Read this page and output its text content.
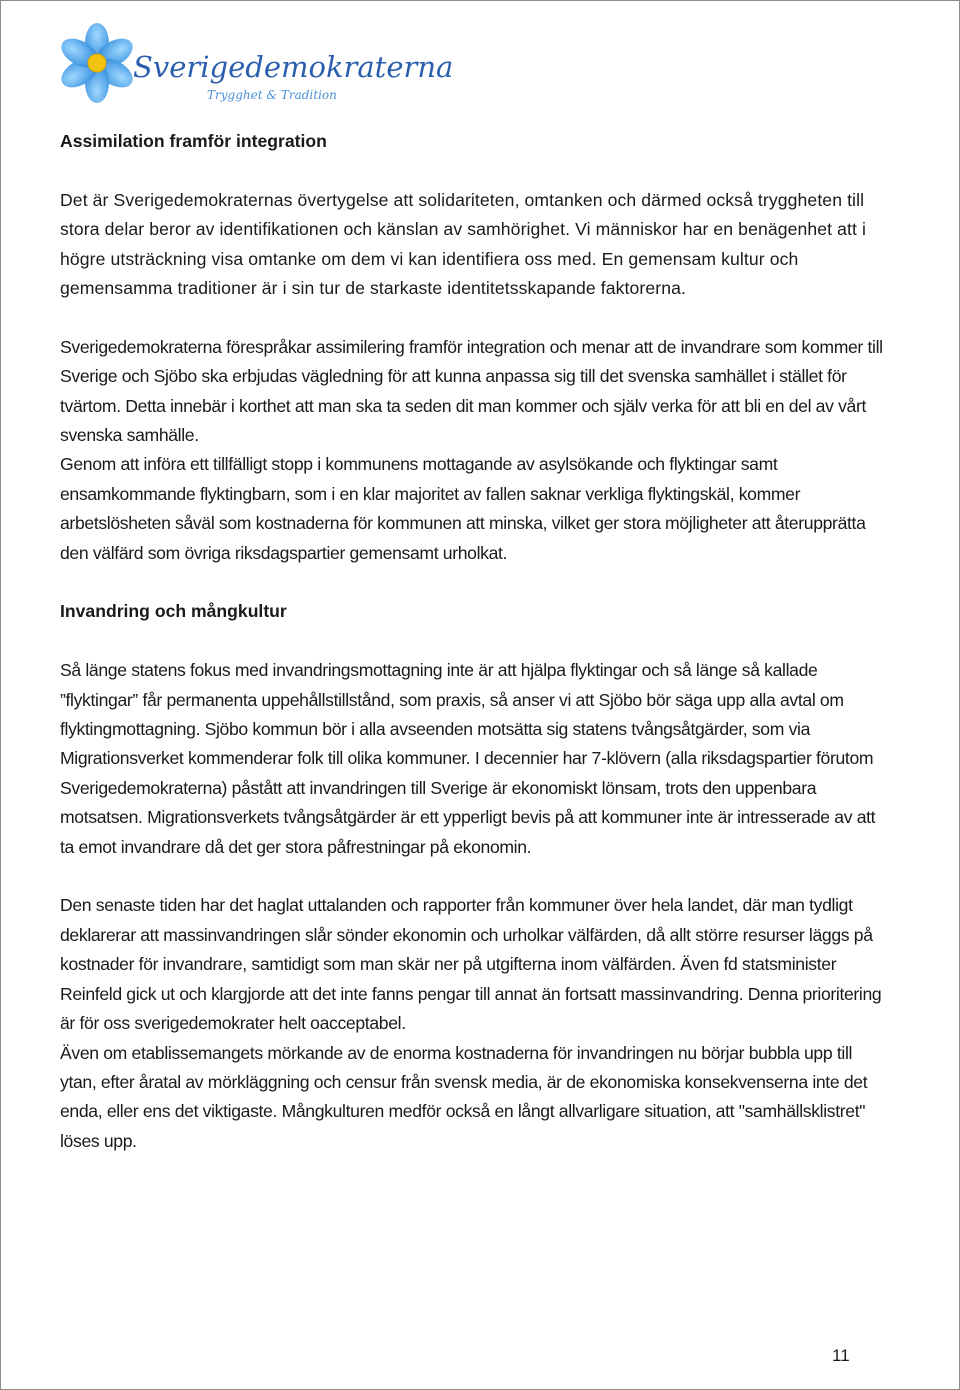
Sverigedemokraterna
Trygghet & Tradition
Assimilation framför integration

Det är Sverigedemokraternas övertygelse att solidariteten, omtanken och därmed också tryggheten till stora delar beror av identifikationen och känslan av samhörighet. Vi människor har en benägenhet att i högre utsträckning visa omtanke om dem vi kan identifiera oss med. En gemensam kultur och gemensamma traditioner är i sin tur de starkaste identitetsskapande faktorerna.

Sverigedemokraterna förespråkar assimilering framför integration och menar att de invandrare som kommer till Sverige och Sjöbo ska erbjudas vägledning för att kunna anpassa sig till det svenska samhället i stället för tvärtom. Detta innebär i korthet att man ska ta seden dit man kommer och själv verka för att bli en del av vårt svenska samhälle.

Genom att införa ett tillfälligt stopp i kommunens mottagande av asylsökande och flyktingar samt ensamkommande flyktingbarn, som i en klar majoritet av fallen saknar verkliga flyktingskäl, kommer arbetslösheten såväl som kostnaderna för kommunen att minska, vilket ger stora möjligheter att återupprätta den välfärd som övriga riksdagspartier gemensamt urholkat.

Invandring och mångkultur

Så länge statens fokus med invandringsmottagning inte är att hjälpa flyktingar och så länge så kallade ”flyktingar” får permanenta uppehållstillstånd, som praxis, så anser vi att Sjöbo bör säga upp alla avtal om flyktingmottagning. Sjöbo kommun bör i alla avseenden motsätta sig statens tvångsåtgärder, som via Migrationsverket kommenderar folk till olika kommuner. I decennier har 7-klövern (alla riksdagspartier förutom Sverigedemokraterna) påstått att invandringen till Sverige är ekonomiskt lönsam, trots den uppenbara motsatsen. Migrationsverkets tvångsåtgärder är ett ypperligt bevis på att kommuner inte är intresserade av att ta emot invandrare då det ger stora påfrestningar på ekonomin.

Den senaste tiden har det haglat uttalanden och rapporter från kommuner över hela landet, där man tydligt deklarerar att massinvandringen slår sönder ekonomin och urholkar välfärden, då allt större resurser läggs på kostnader för invandrare, samtidigt som man skär ner på utgifterna inom välfärden. Även fd statsminister Reinfeld gick ut och klargjorde att det inte fanns pengar till annat än fortsatt massinvandring. Denna prioritering är för oss sverigedemokrater helt oacceptabel.

Även om etablissemangets mörkande av de enorma kostnaderna för invandringen nu börjar bubbla upp till ytan, efter åratal av mörkläggning och censur från svensk media, är de ekonomiska konsekvenserna inte det enda, eller ens det viktigaste. Mångkulturen medför också en långt allvarligare situation, att "samhällsklistret" löses upp.

11
